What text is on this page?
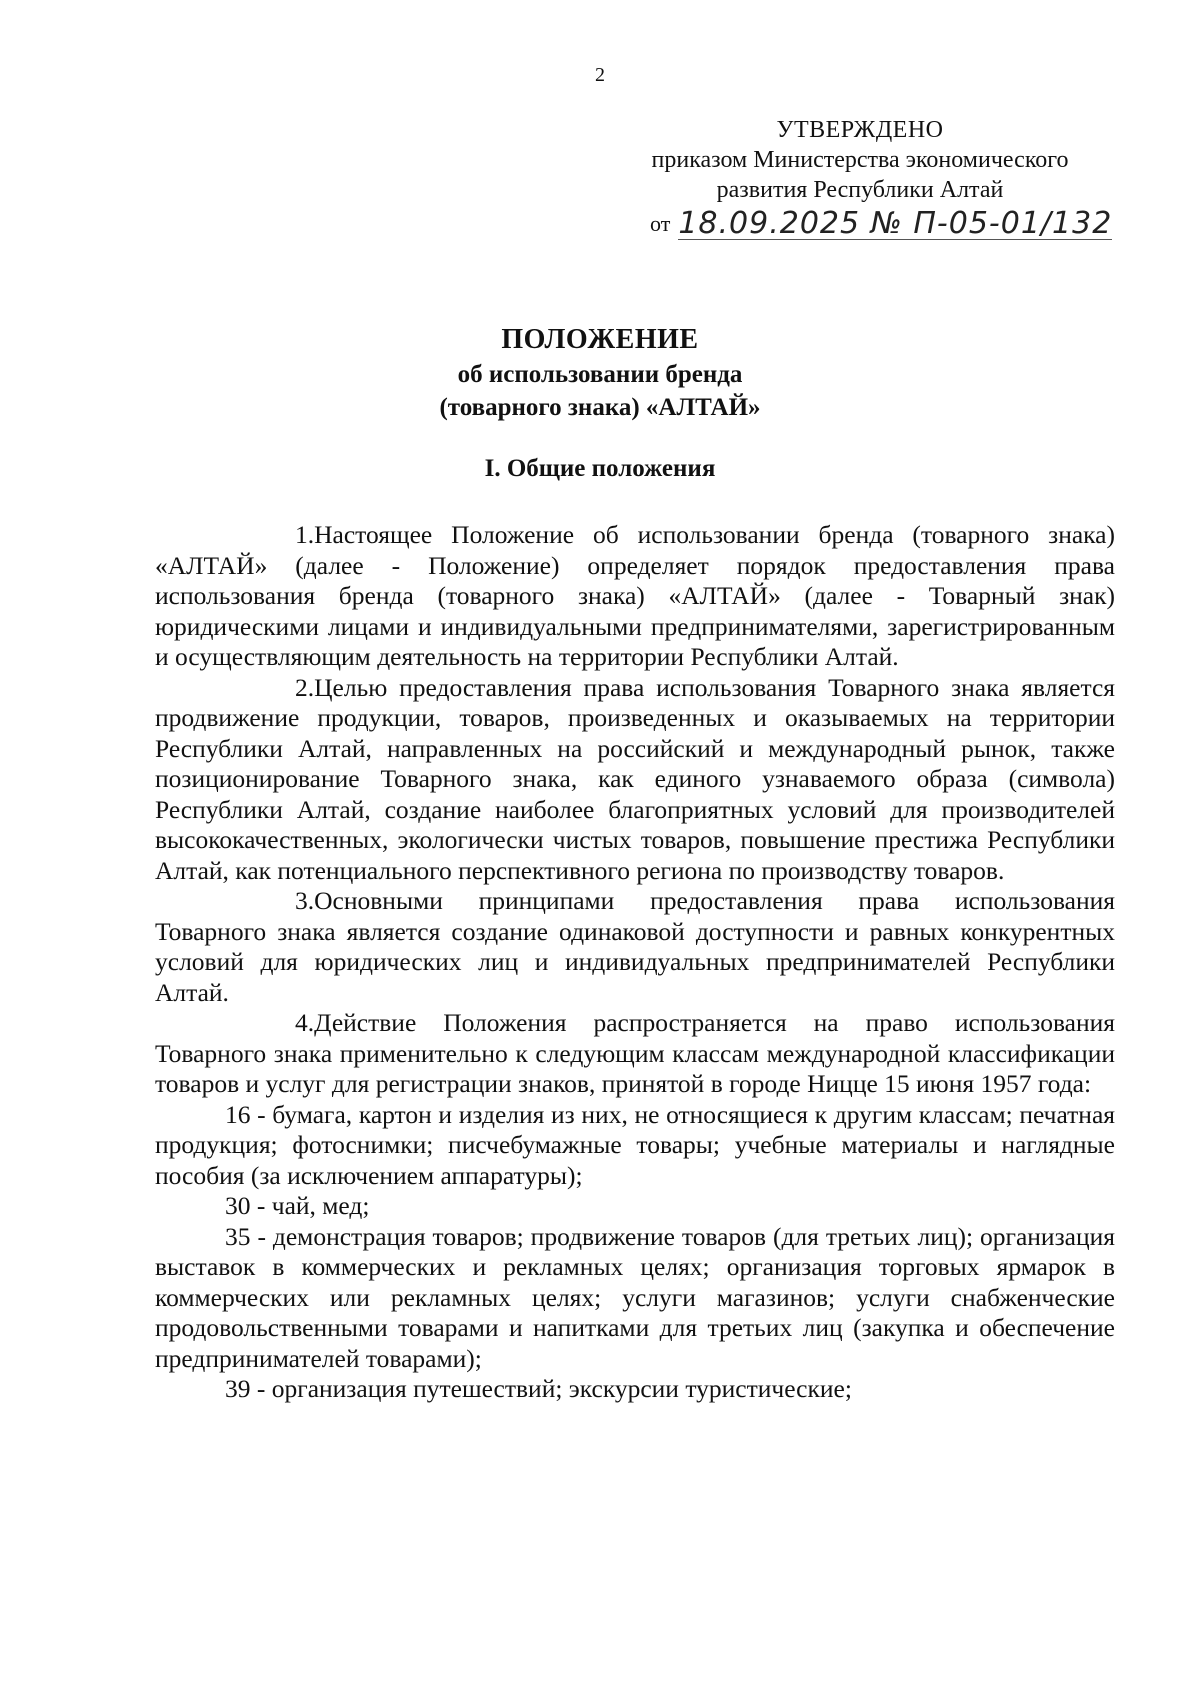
2
УТВЕРЖДЕНО
приказом Министерства экономического
развития Республики Алтай
от 18.09.2025 № П-05-01/132
ПОЛОЖЕНИЕ
об использовании бренда
(товарного знака) «АЛТАЙ»
I. Общие положения

1.Настоящее Положение об использовании бренда (товарного знака) «АЛТАЙ» (далее - Положение) определяет порядок предоставления права использования бренда (товарного знака) «АЛТАЙ» (далее - Товарный знак) юридическими лицами и индивидуальными предпринимателями, зарегистрированным и осуществляющим деятельность на территории Республики Алтай.

2.Целью предоставления права использования Товарного знака является продвижение продукции, товаров, произведенных и оказываемых на территории Республики Алтай, направленных на российский и международный рынок, также позиционирование Товарного знака, как единого узнаваемого образа (символа) Республики Алтай, создание наиболее благоприятных условий для производителей высококачественных, экологически чистых товаров, повышение престижа Республики Алтай, как потенциального перспективного региона по производству товаров.

3.Основными принципами предоставления права использования Товарного знака является создание одинаковой доступности и равных конкурентных условий для юридических лиц и индивидуальных предпринимателей Республики Алтай.

4.Действие Положения распространяется на право использования Товарного знака применительно к следующим классам международной классификации товаров и услуг для регистрации знаков, принятой в городе Ницце 15 июня 1957 года:

16 - бумага, картон и изделия из них, не относящиеся к другим классам; печатная продукция; фотоснимки; писчебумажные товары; учебные материалы и наглядные пособия (за исключением аппаратуры);

30 - чай, мед;

35 - демонстрация товаров; продвижение товаров (для третьих лиц); организация выставок в коммерческих и рекламных целях; организация торговых ярмарок в коммерческих или рекламных целях; услуги магазинов; услуги снабженческие продовольственными товарами и напитками для третьих лиц (закупка и обеспечение предпринимателей товарами);

39 - организация путешествий; экскурсии туристические;
